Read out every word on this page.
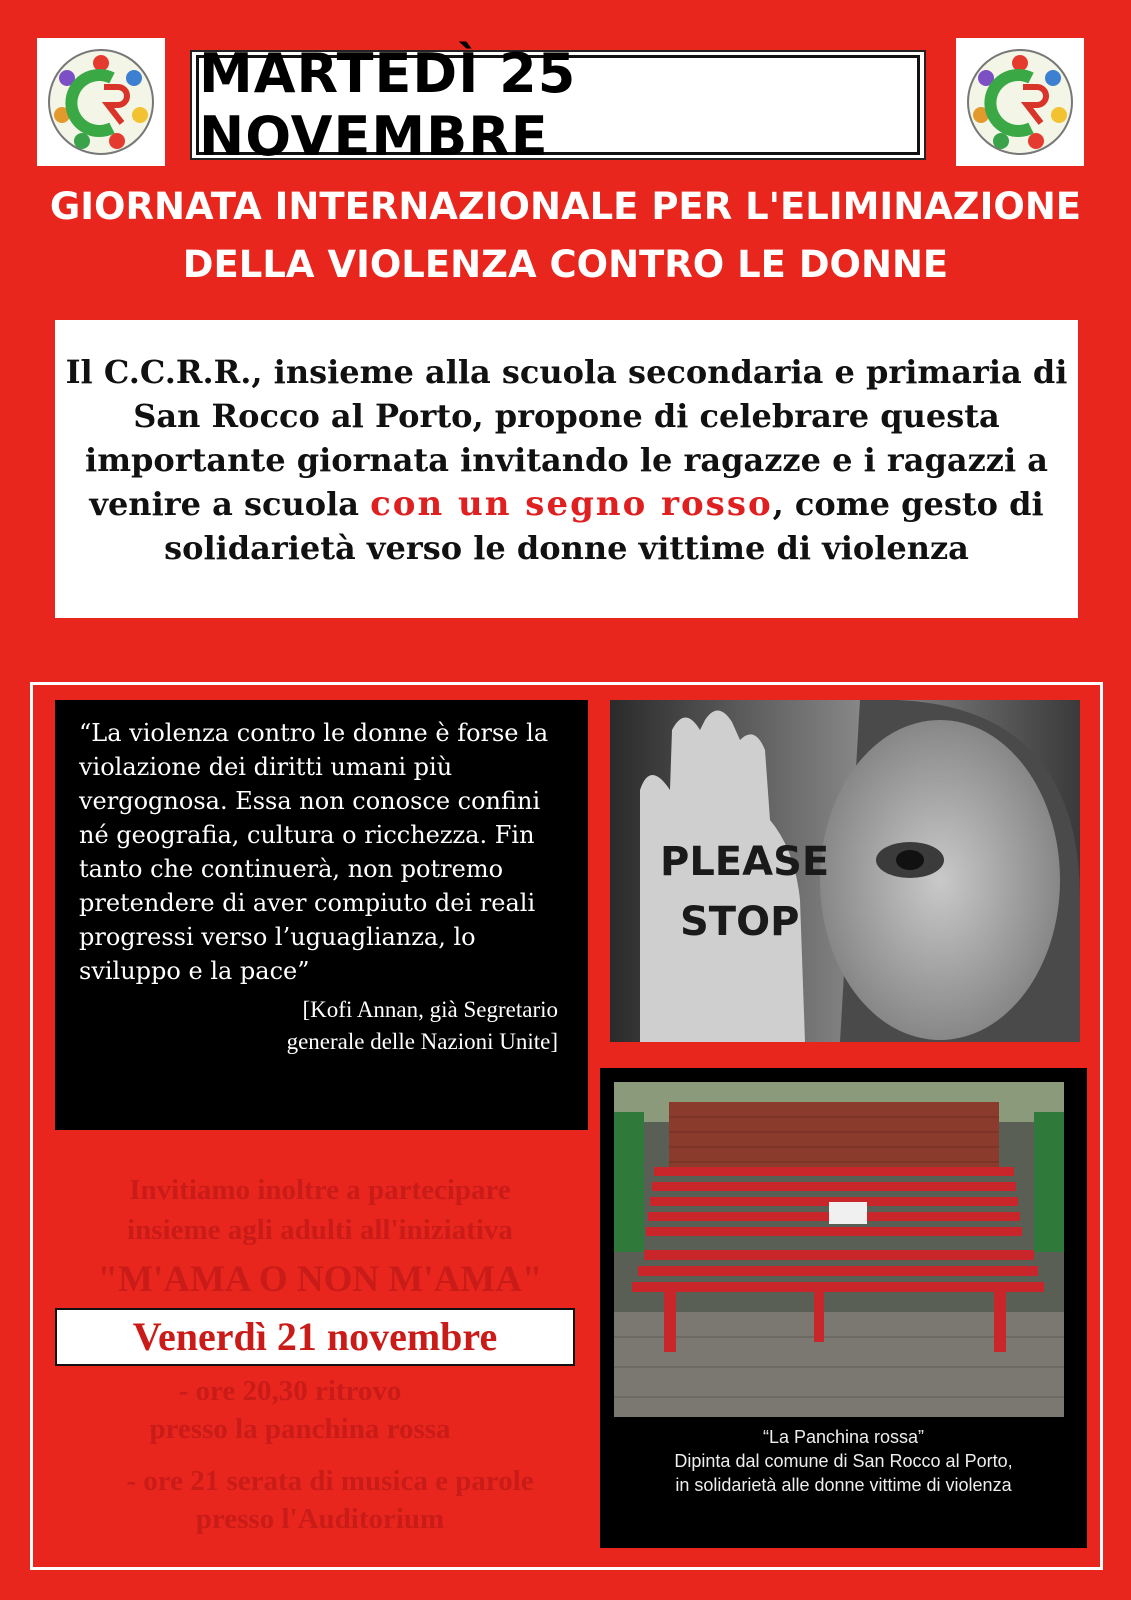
MARTEDÌ 25 NOVEMBRE
GIORNATA INTERNAZIONALE PER L'ELIMINAZIONE
DELLA VIOLENZA CONTRO LE DONNE
Il C.C.R.R., insieme alla scuola secondaria e primaria di San Rocco al Porto, propone di celebrare questa importante giornata invitando le ragazze e i ragazzi a venire a scuola con un segno rosso, come gesto di solidarietà verso le donne vittime di violenza
“La violenza contro le donne è forse la violazione dei diritti umani più vergognosa. Essa non conosce confini né geografia, cultura o ricchezza. Fin tanto che continuerà, non potremo pretendere di aver compiuto dei reali progressi verso l’uguaglianza, lo sviluppo e la pace”
[Kofi Annan, già Segretario
generale delle Nazioni Unite]
PLEASE
STOP
“La Panchina rossa”
Dipinta dal comune di San Rocco al Porto,
in solidarietà alle donne vittime di violenza
Invitiamo inoltre a partecipare
insieme agli adulti all'iniziativa
"M'AMA O NON M'AMA"
Venerdì 21 novembre
- ore 20,30 ritrovo
presso la panchina rossa
- ore 21 serata di musica e parole
presso l'Auditorium
